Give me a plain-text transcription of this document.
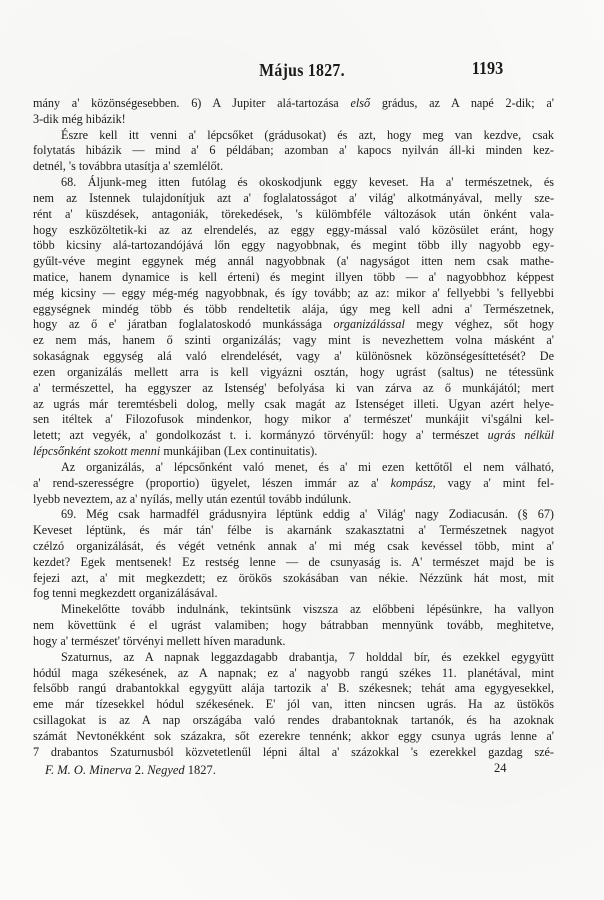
Május 1827.	1193
mány a' közönségesebben. 6) A Jupiter alá-tartozása első grádus, az A napé 2-dik; a'
3-dik még hibázik!
Észre kell itt venni a' lépcsőket (grádusokat) és azt, hogy meg van kezdve, csak
folytatás hibázik — mind a' 6 példában; azomban a' kapocs nyilván áll-ki minden kez-
detnél, 's továbbra utasítja a' szemlélőt.
68. Áljunk-meg itten futólag és okoskodjunk eggy keveset. Ha a' természetnek, és
nem az Istennek tulajdonítjuk azt a' foglalatosságot a' világ' alkotmányával, melly sze-
rént a' küszdések, antagoniák, törekedések, 's külömbféle változások után önként vala-
hogy eszközöltetik-ki az az elrendelés, az eggy eggy-mással való közösület eránt, hogy
több kicsiny alá-tartozandójává lőn eggy nagyobbnak, és megint több illy nagyobb egy-
gyűlt-véve megint eggynek még annál nagyobbnak (a' nagyságot itten nem csak mathe-
matice, hanem dynamice is kell érteni) és megint illyen több — a' nagyobbhoz képpest
még kicsiny — eggy még-még nagyobbnak, és így tovább; az az: mikor a' fellyebbi 's fellyebbi
eggységnek mindég több és több rendeltetik alája, úgy meg kell adni a' Természetnek,
hogy az ő e' járatban foglalatoskodó munkássága organizálással megy véghez, sőt hogy
ez nem más, hanem ő szinti organizálás; vagy mint is nevezhettem volna másként a'
sokaságnak eggység alá való elrendelését, vagy a' különösnek közönségesíttetését? De
ezen organizálás mellett arra is kell vigyázni osztán, hogy ugrást (saltus) ne tétessünk
a' természettel, ha eggyszer az Istenség' befolyása ki van zárva az ő munkájától; mert
az ugrás már teremtésbeli dolog, melly csak magát az Istenséget illeti. Ugyan azért helye-
sen itéltek a' Filozofusok mindenkor, hogy mikor a' természet' munkájit vi'sgálni kel-
letett; azt vegyék, a' gondolkozást t. i. kormányzó törvényűl: hogy a' természet ugrás nélkül
lépcsőnként szokott menni munkájiban (Lex continuitatis).
Az organizálás, a' lépcsőnként való menet, és a' mi ezen kettőtől el nem válható,
a' rend-szerességre (proportio) ügyelet, lészen immár az a' kompász, vagy a' mint fel-
lyebb neveztem, az a' nyílás, melly után ezentúl tovább indúlunk.
69. Még csak harmadfél grádusnyira léptünk eddig a' Világ' nagy Zodiacusán. (§ 67)
Keveset léptünk, és már tán' félbe is akarnánk szakasztatni a' Természetnek nagyot
czélzó organizálását, és végét vetnénk annak a' mi még csak kevéssel több, mint a'
kezdet? Egek mentsenek! Ez restség lenne — de csunyaság is. A' természet majd be is
fejezi azt, a' mit megkezdett; ez örökös szokásában van nékie. Nézzünk hát most, mit
fog tenni megkezdett organizálásával.
Minekelőtte tovább indulnánk, tekintsünk viszsza az előbbeni lépésünkre, ha vallyon
nem követtünk é el ugrást valamiben; hogy bátrabban mennyünk tovább, meghitetve,
hogy a' természet' törvényi mellett híven maradunk.
Szaturnus, az A napnak leggazdagabb drabantja, 7 holddal bír, és ezekkel egygyütt
hódúl maga székesének, az A napnak; ez a' nagyobb rangú székes 11. planétával, mint
felsőbb rangú drabantokkal egygyütt alája tartozik a' B. székesnek; tehát ama egygyesekkel,
eme már tízesekkel hódul székesének. E' jól van, itten nincsen ugrás. Ha az üstökös
csillagokat is az A nap országába való rendes drabantoknak tartanók, és ha azoknak
számát Nevtonékként sok százakra, sőt ezerekre tennénk; akkor eggy csunya ugrás lenne a'
7 drabantos Szaturnusból közvetetlenűl lépni által a' százokkal 's ezerekkel gazdag szé-
F. M. O. Minerva 2. Negyed 1827.	24
